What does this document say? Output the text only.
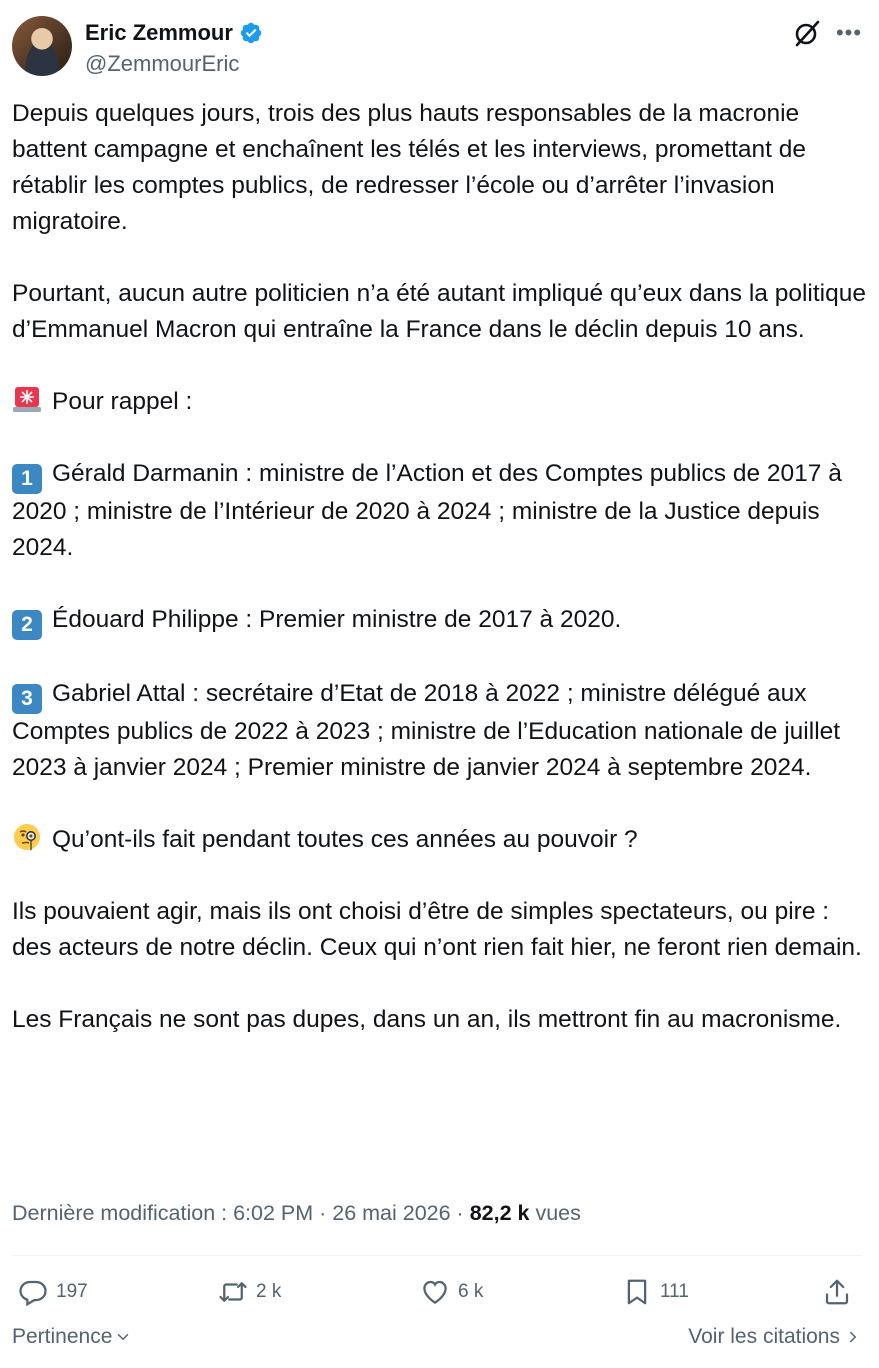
Eric Zemmour
@ZemmourEric
•••
Depuis quelques jours, trois des plus hauts responsables de la macronie battent campagne et enchaînent les télés et les interviews, promettant de rétablir les comptes publics, de redresser l’école ou d’arrêter l’invasion migratoire.
Pourtant, aucun autre politicien n’a été autant impliqué qu’eux dans la politique d’Emmanuel Macron qui entraîne la France dans le déclin depuis 10 ans.
Pour rappel :
1 Gérald Darmanin : ministre de l’Action et des Comptes publics de 2017 à 2020 ; ministre de l’Intérieur de 2020 à 2024 ; ministre de la Justice depuis 2024.
2 Édouard Philippe : Premier ministre de 2017 à 2020.
3 Gabriel Attal : secrétaire d’Etat de 2018 à 2022 ; ministre délégué aux Comptes publics de 2022 à 2023 ; ministre de l’Education nationale de juillet 2023 à janvier 2024 ; Premier ministre de janvier 2024 à septembre 2024.
Qu’ont-ils fait pendant toutes ces années au pouvoir ?
Ils pouvaient agir, mais ils ont choisi d’être de simples spectateurs, ou pire : des acteurs de notre déclin. Ceux qui n’ont rien fait hier, ne feront rien demain.
Les Français ne sont pas dupes, dans un an, ils mettront fin au macronisme.
Dernière modification : 6:02 PM · 26 mai 2026 · 82,2 k vues
197	2 k	6 k	111
Pertinence	Voir les citations
